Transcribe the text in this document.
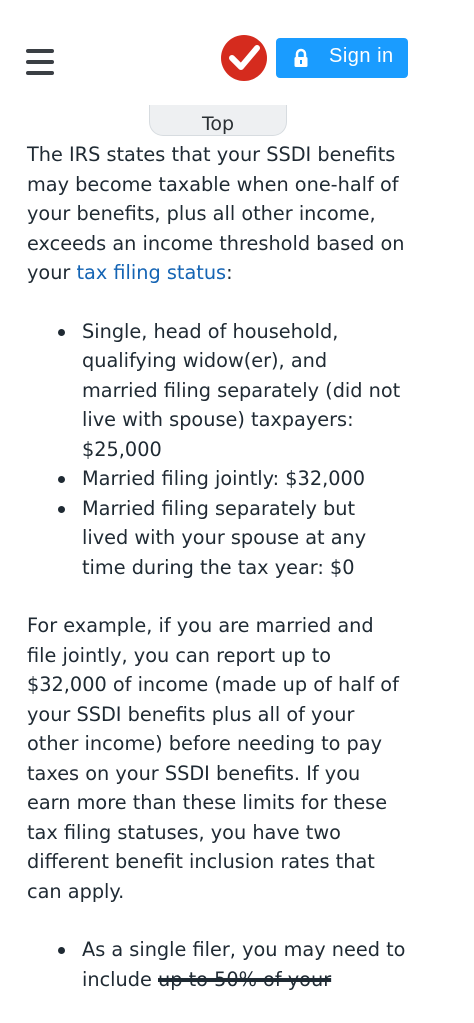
Sign in
Top

The IRS states that your SSDI benefits may become taxable when one-half of your benefits, plus all other income, exceeds an income threshold based on your tax filing status:

Single, head of household, qualifying widow(er), and married filing separately (did not live with spouse) taxpayers: $25,000
Married filing jointly: $32,000
Married filing separately but lived with your spouse at any time during the tax year: $0

For example, if you are married and file jointly, you can report up to $32,000 of income (made up of half of your SSDI benefits plus all of your other income) before needing to pay taxes on your SSDI benefits. If you earn more than these limits for these tax filing statuses, you have two different benefit inclusion rates that can apply.

As a single filer, you may need to include up to 50% of your
